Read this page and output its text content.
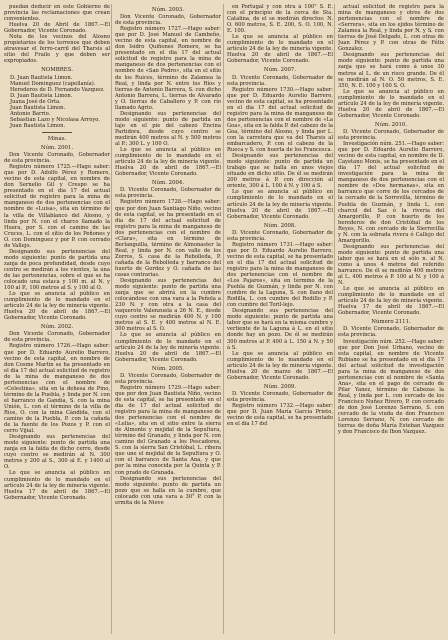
puedan deducir en este Gobierno de provincia las reclamaciones que crean convenientes.

Huelva 20 de Abril de 1867.—El Gobernador, Vicente Coronado.

Nota de los vecinos del Alosno propietarios de los terrenos que deben atravesar el ferro-carril del Tharsis al sitio del Fraile y que deben ser expropiados.

NOMBRES.

D. Juan Bautista Limon.

Manuel Dominguez (capellanía).

Herederos de D. Fernando Vazquez.

D. Juan Bautista Limon.

Juana José de Orta.

Juan Bautista Limon.

Antonio Barrio.

Sebastian Lazo y Nicolasa Arroyo.

Juan Bautista Limon.

Minas.

Núm. 2001.

Don Vicente Coronado, Gobernador de esta provincia.

Registro número 1725.—Hago saber: que por D. Adolfo Pérez y Romero, vecino de esta capital, en nombre de don Sernelio Gil y Crespo se ha presentado en el dia 17 del actual solicitud de registro para la mina de manganeso de dos pertenencias con el nombre de «Luisa», sita en término de la villa de Villablanco del Alosno, y linda por N. con el charco llamado la Huera, por S. con el camino de las Cruces, L. con el sitio de los Peñones y O. con Dominguez y por P. con cerrado de Vallejo.

Designando sus pertenencias del modo siguiente: punto de partida una zanja de poca profundidad, desde cuyo centro se medirán a los vientos, la una de las pertenencias, sobre el que se ha colocado una estaca y 100 m. al N. y 100 al P., 100 metros al S. y 100 al O.

Lo que se anuncia al público en cumplimiento de lo mandado en el artículo 24 de la ley de minería vigente. Huelva 20 de abril de 1867.—El Gobernador, Vicente Coronado.

Núm. 2002.

Don Vicente Coronado, Gobernador de esta provincia.

Registro número 1726.—Hago saber: que por D. Eduardo Aurelio Barrero, vecino de esta capital, en nombre de don Cosme Martin se ha presentado en el dia 17 del actual solicitud de registro de la mina de manganeso de dos pertenencias con el nombre de «Celestina», sita en la dehesa de Pino, término de la Puebla, y linda por N. con el barranco de Gandía, S. con la mina Unión, L. con el término de la villa de Ríos, O. con la mina Cándida, con el camino de la Puebla, P. con la cañada de la fuente de los Pozos y P. con el cerro Vijial.

Designando sus pertenencias del modo siguiente: punto de partida una zanja en la falda de dicho cerro, desde cuyo centro se medirán al N. 300 metros y 200 al S., 300 al E. y 1400 al O.

Lo que se anuncia al público en cumplimiento de lo mandado en el artículo 24 de la ley de minería vigente. Huelva 17 de abril de 1867.—El Gobernador, Vicente Coronado.

Núm. 2003.

Don Vicente Coronado, Gobernador de esta provincia.

Registro número 1727.—Hago saber: que por D. José Manuel de Cambeño, vecino de esta capital, en nombre de don Isidro Quiñones Romero, se ha presentado en el dia 17 del actual solicitud de registro para la mina de manganeso de dos pertenencias con el nombre de «San Pedro», sita en el sitio de los Ruices, término de Zalamea la Real, y linda por N. entre los Ríos y tierras de Antonio Barrera, S. con dicho Antonio Barrera, L. tierras de Alvarado y O. tierras de Caballero y P. con río llamado Agrio.

Designando sus pertenencias del modo siguiente: punto de partida un tajo en el pie del cabezo Encina Partidora, desde cuyo centro se medirán 400 metros al N. y 500 metros al P.; 300 L. y 100 O.

Lo que se anuncia al público en cumplimiento de lo mandado en el artículo 24 de la ley de minería vigente. Huelva 20 de abril de 1867.—El Gobernador, Vicente Coronado.

Núm. 2004.

D. Vicente Coronado, Gobernador de esta provincia.

Registro número 1728.—Hago saber: que por don Juan Santiago Niño, vecino de esta capital, se ha presentado en el dia de 17 del actual solicitud de registro para la mina de manganeso de dos pertenencias con el nombre de «Clara», sita en término de Berlanguilla, término de Almonaster la Real, y linda por N. con valle de los Zorros, S. casa de la Rebolleda, P. cañada de la Rebolleda y barranco del huerto de Gordez y O. cañada de las casas contrarias.

Designando sus pertenencias del modo siguiente: punto de partida una zanja que se abrirá en la cumbre colocándose con una vara a la Peñola a 230 N. y con otra a la casa del vaquerote Valenzuela a 26 N. E., desde cuyo centro se medirán 400 N. y 100 metros al S. E. y 400 metros al N. E. 300 metros al S. O.

Lo que se anuncia al público en cumplimiento de lo mandado en el artículo 24 de la ley de minería vigente. Huelva 20 de abril de 1867.—El Gobernador, Vicente Coronado.

Núm. 2005.

D. Vicente Coronado, Gobernador de esta provincia.

Registro número 1729.—Hago saber: que por don Juan Bautista Niño, vecino de esta capital, se ha presentado en el dia de 17 del actual solicitud de registro para la mina de manganeso de dos pertenencias con el nombre de «Lelia», sita en el sitio entre la sierra de Almonte y mejidal de la Sepultura, término del Granado, y linda por N. con camino del Granado a los Pescadores, S. con la sierra San Cristóbal, L. ribera que une el mejidal de la Sepultura y O. con el barranco de Santa Ana, y que por la mina conocida por la Quinta y P. con prado de Granada.

Designando sus pertenencias del modo siguiente: punto de partida un pozo que se halla en la cumbre, que colocado con una vara a 30° P. con la ermita de la Nieve

en Portugal y con otra á 100° S. E. con el principio de la cerca de Sta. Catalina, de el se medirán directos: N. O. 600 metros, S. E. 200, S. O. 100, N. E. 100.

Lo que se anuncia al público en cumplimiento de lo mandado en el artículo 24 de la ley de minería vigente. Huelva 20 de abril de 1867.—El Gobernador, Vicente Coronado.

Núm. 2007.

D. Vicente Coronado, Gobernador de esta provincia.

Registro número 1730.—Hago saber: que por D. Eduardo Aurelio Barrero, vecino de esta capital, se ha presentado en el dia 17 del actual solicitud de registro para la mina de manganeso de dos pertenencias con el nombre de «La Goa», sita en la falda P. del cabezo de la Goa, término del Alosno, y linda por L. con la carretera que va del Tharsis al embarcadero, P. con el cabezo de la Rueca y S. con huerta de los Francesca.

Designando sus pertenencias del modo siguiente: punto de partida un trabajo que se halla en unos viejos situado en dicho sitio. De él se medirán 200 metros á P. con dirección al oriente, 300 á L. 100 á N. y 100 á S.

Lo que se anuncia al público en cumplimiento de lo mandado en el artículo 24 de la ley de minería vigente. Huelva 20 de abril de 1867.—El Gobernador, Vicente Coronado.

Núm. 2008.

D. Vicente Coronado, Gobernador de esta provincia.

Registro número 1731.—Hago saber: que por D. Eduardo Aurelio Barrero, vecino de esta capital, se ha presentado en el dia 17 del actual solicitud de registro para la mina de manganeso de dos pertenencias con el nombre de «Los Pajaros», sita en término de la Puebla de Guzmán, y linda por N. con cumbre de la Laguna, S. con llano del Rodilla, L. con cumbre del Rodillo y P. con cumbre del Toril-lejo.

Designando sus pertenencias del modo siguiente: punto de partida una labor que se hará en la misma cumbre y vertiente de la Laguna á L. en el sitio donde hay un pozo. De él se medirán 300 metros al P. 400 á L. 150 á N. y 50 á S.

Lo que se anuncia al público en cumplimiento de lo mandado en el artículo 24 de la ley de minería vigente. Huelva 20 de marzo de 1867.—El Gobernador, Vicente Coronado.

Núm. 2009.

D. Vicente Coronado, Gobernador de esta provincia.

Registro número 1732.—Hago saber: que por D. Juan María García Prieto, vecino de esta capital, se ha presentado en el dia 17 del

actual solicitud de registro para la mina de manganeso y otros de dos pertenencias con el nombre de «Serrera», sita en los ejidos término de Zalamea la Real, y linda por N. y S. con tierras de José Delgado, L. con otras de Juan Pérez y P. con otras de Félix Gonzalez.

Designando sus pertenencias del modo siguiente: punto de partida una zanja que se hará como á unos 30 metros al L. de un risco grande. De él se medirán al N. O. 50 metros, S. E. 350, N. E. 100 y 100 S. O.

Lo que se anuncia al público en cumplimiento de lo mandado en el artículo 24 de la ley de minería vigente. Huelva 20 de abril de 1867.—El Gobernador, Vicente Coronado.

Núm. 2010.

D. Vicente Coronado, Gobernador de esta provincia.

Investigación núm. 251.—Hago saber: que por D. Eduardo Aurelio Barrero, vecino de esta capital, en nombre de D. Cayetano Monis, se ha presentado en el dia 17 del actual solicitud de investigación para la mina de manganeso de dos pertenencias con el nombre de «Dos hermanas», sita en barranco que corre de los cercados de la cercado de la Sorrevilla, término de Puebla de Guzmán, y linda L. con charcol del Saz ó la riveria del Amargorillo, P. con huerto de los herederos de don Cristóbal de los Reyes, N. con cercado de la Sierrecilla y N. con la sobrada rivera ó Callejo del Amargorillo.

Designando sus pertenencias del modo siguiente: punto de partida una labor que se hará en el sólo n. al N. como á unos 4 metros del referido barranco. De él se medirán 400 metros al L. 400 metros á P. 100 al N. y 100 á N.

Lo que se anuncia al público en cumplimiento de lo mandado en el artículo 24 de la ley de minería vigente. Huelva 17 de abril de 1867.—El Gobernador, Vicente Coronado.

Número 2111.

D. Vicente Coronado, Gobernador de esta provincia.

Investigación núm. 252.—Hago saber: que por Don José Urbano, vecino de esta capital, en nombre de Vicente Rubiano se ha presentado en el dia 17 del actual solicitud de investigación para la mina de manganeso de dos pertenencias con el nombre de «Santa Ana», sita en el pago de cercado de Pilar Yanez, término de Cabezas la Real, y linda por L. con cercado de los Francisco Nuñez Rivero, P. con cercado de don José Lorenzo Serrano, S. con cercado de la viuda de don Francisco Lorenzo Serrano, N. con cercado de tierras de doña María Esteban Vazquez y don Francisco de Ibon Vazquez.
